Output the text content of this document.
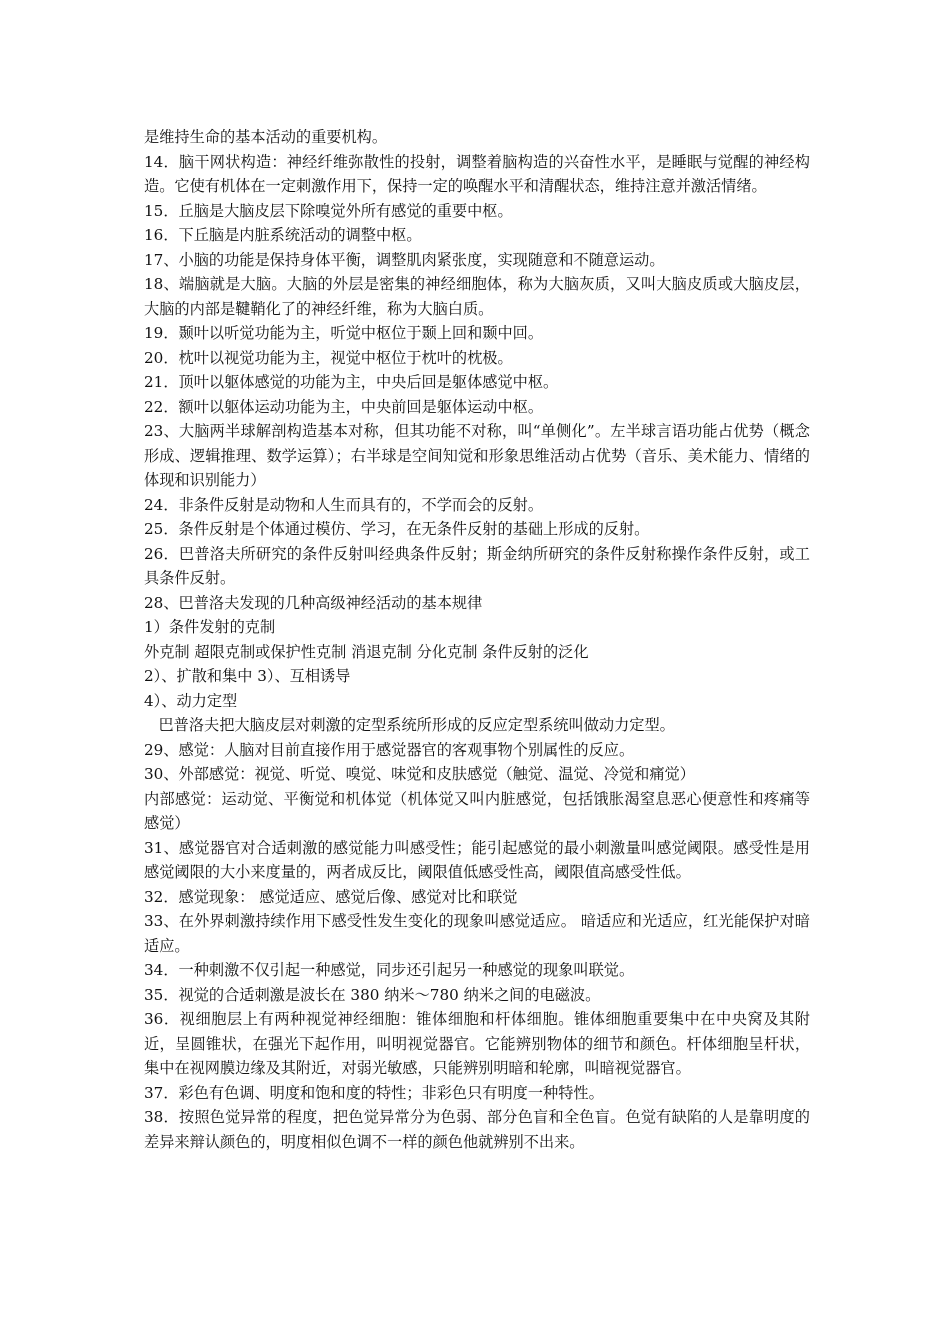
是维持生命的基本活动的重要机构。

14．脑干网状构造：神经纤维弥散性的投射，调整着脑构造的兴奋性水平，是睡眠与觉醒的神经构造。它使有机体在一定刺激作用下，保持一定的唤醒水平和清醒状态，维持注意并激活情绪。

15．丘脑是大脑皮层下除嗅觉外所有感觉的重要中枢。

16．下丘脑是内脏系统活动的调整中枢。

17、小脑的功能是保持身体平衡，调整肌肉紧张度，实现随意和不随意运动。

18、端脑就是大脑。大脑的外层是密集的神经细胞体，称为大脑灰质，又叫大脑皮质或大脑皮层，大脑的内部是鞬鞘化了的神经纤维，称为大脑白质。

19．颞叶以听觉功能为主，听觉中枢位于颞上回和颞中回。

20．枕叶以视觉功能为主，视觉中枢位于枕叶的枕极。

21．顶叶以躯体感觉的功能为主，中央后回是躯体感觉中枢。

22．额叶以躯体运动功能为主，中央前回是躯体运动中枢。

23、大脑两半球解剖构造基本对称，但其功能不对称，叫“单侧化”。左半球言语功能占优势（概念形成、逻辑推理、数学运算）；右半球是空间知觉和形象思维活动占优势（音乐、美术能力、情绪的体现和识别能力）

24．非条件反射是动物和人生而具有的，不学而会的反射。

25．条件反射是个体通过模仿、学习，在无条件反射的基础上形成的反射。

26．巴普洛夫所研究的条件反射叫经典条件反射；斯金纳所研究的条件反射称操作条件反射，或工具条件反射。

28、巴普洛夫发现的几种高级神经活动的基本规律

1）条件发射的克制

外克制 超限克制或保护性克制 消退克制 分化克制 条件反射的泛化

2）、扩散和集中 3）、互相诱导

4）、动力定型

巴普洛夫把大脑皮层对刺激的定型系统所形成的反应定型系统叫做动力定型。

29、感觉：人脑对目前直接作用于感觉器官的客观事物个别属性的反应。

30、外部感觉：视觉、听觉、嗅觉、味觉和皮肤感觉（触觉、温觉、冷觉和痛觉）

内部感觉：运动觉、平衡觉和机体觉（机体觉又叫内脏感觉，包括饿胀渴窒息恶心便意性和疼痛等感觉）

31、感觉器官对合适刺激的感觉能力叫感受性；能引起感觉的最小刺激量叫感觉阈限。感受性是用感觉阈限的大小来度量的，两者成反比，阈限值低感受性高，阈限值高感受性低。

32．感觉现象： 感觉适应、感觉后像、感觉对比和联觉

33、在外界刺激持续作用下感受性发生变化的现象叫感觉适应。 暗适应和光适应，红光能保护对暗适应。

34．一种刺激不仅引起一种感觉，同步还引起另一种感觉的现象叫联觉。

35．视觉的合适刺激是波长在 380 纳米～780 纳米之间的电磁波。

36．视细胞层上有两种视觉神经细胞：锥体细胞和杆体细胞。锥体细胞重要集中在中央窝及其附近，呈圆锥状，在强光下起作用，叫明视觉器官。它能辨别物体的细节和颜色。杆体细胞呈杆状，集中在视网膜边缘及其附近，对弱光敏感，只能辨别明暗和轮廓，叫暗视觉器官。

37．彩色有色调、明度和饱和度的特性；非彩色只有明度一种特性。

38．按照色觉异常的程度，把色觉异常分为色弱、部分色盲和全色盲。色觉有缺陷的人是靠明度的差异来辩认颜色的，明度相似色调不一样的颜色他就辨别不出来。
